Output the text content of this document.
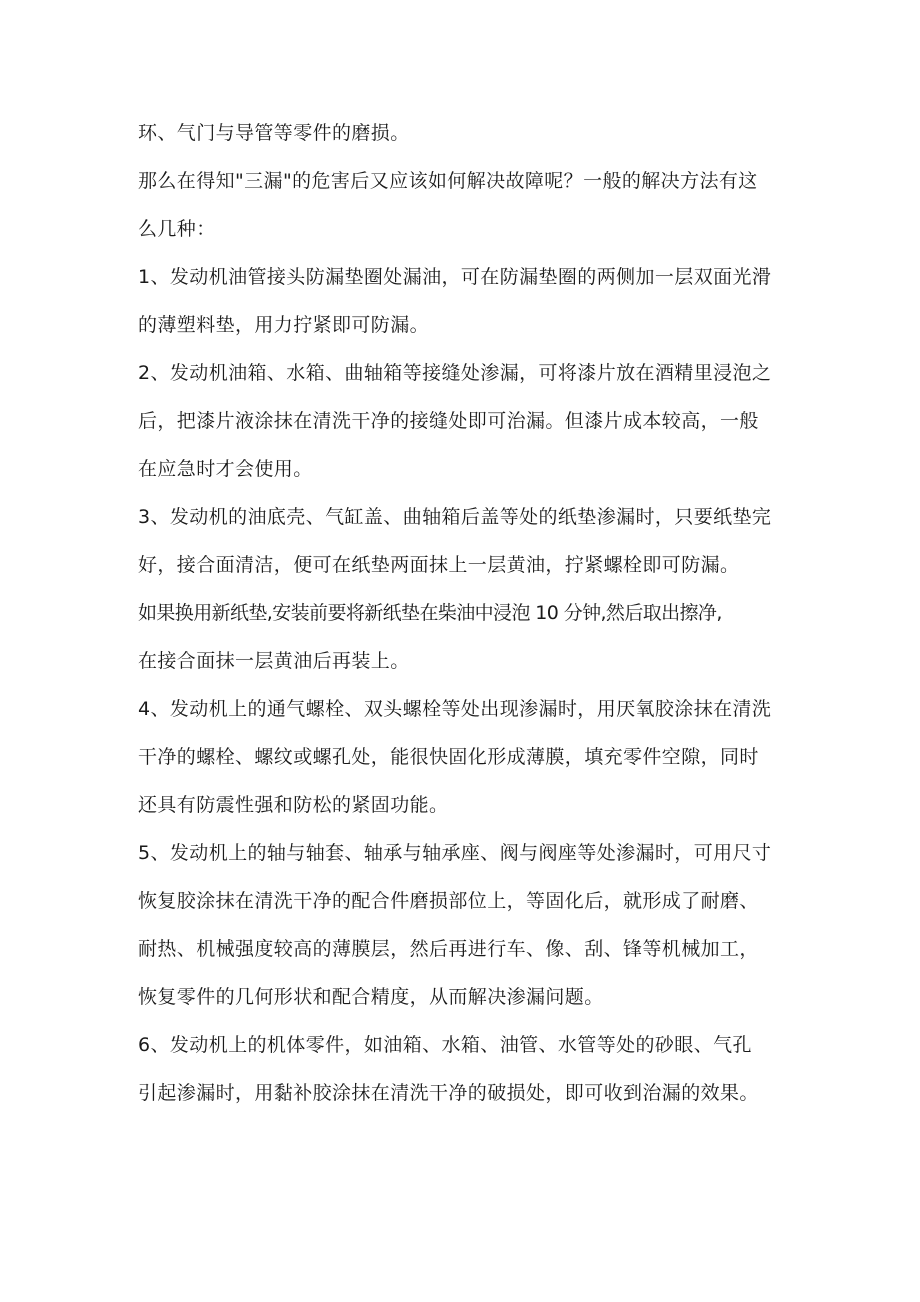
环、气门与导管等零件的磨损。
那么在得知"三漏"的危害后又应该如何解决故障呢？一般的解决方法有这
么几种：
1、发动机油管接头防漏垫圈处漏油，可在防漏垫圈的两侧加一层双面光滑
的薄塑料垫，用力拧紧即可防漏。
2、发动机油箱、水箱、曲轴箱等接缝处渗漏，可将漆片放在酒精里浸泡之
后，把漆片液涂抹在清洗干净的接缝处即可治漏。但漆片成本较高，一般
在应急时才会使用。
3、发动机的油底壳、气缸盖、曲轴箱后盖等处的纸垫渗漏时，只要纸垫完
好，接合面清洁，便可在纸垫两面抹上一层黄油，拧紧螺栓即可防漏。
如果换用新纸垫,安装前要将新纸垫在柴油中浸泡 10 分钟,然后取出擦净,
在接合面抹一层黄油后再装上。
4、发动机上的通气螺栓、双头螺栓等处出现渗漏时，用厌氧胶涂抹在清洗
干净的螺栓、螺纹或螺孔处，能很快固化形成薄膜，填充零件空隙，同时
还具有防震性强和防松的紧固功能。
5、发动机上的轴与轴套、轴承与轴承座、阀与阀座等处渗漏时，可用尺寸
恢复胶涂抹在清洗干净的配合件磨损部位上，等固化后，就形成了耐磨、
耐热、机械强度较高的薄膜层，然后再进行车、像、刮、锋等机械加工，
恢复零件的几何形状和配合精度，从而解决渗漏问题。
6、发动机上的机体零件，如油箱、水箱、油管、水管等处的砂眼、气孔
引起渗漏时，用黏补胶涂抹在清洗干净的破损处，即可收到治漏的效果。
